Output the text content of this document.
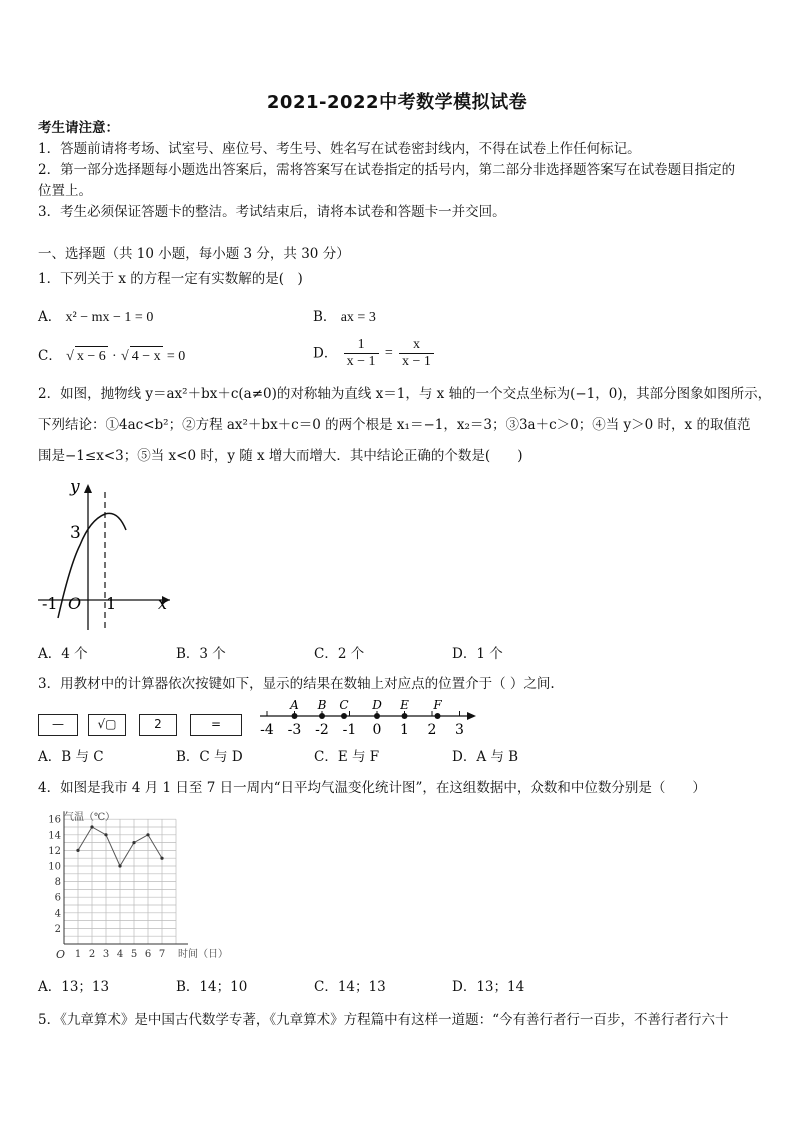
2021-2022中考数学模拟试卷
考生请注意：
1．答题前请将考场、试室号、座位号、考生号、姓名写在试卷密封线内，不得在试卷上作任何标记。
2．第一部分选择题每小题选出答案后，需将答案写在试卷指定的括号内，第二部分非选择题答案写在试卷题目指定的
位置上。
3．考生必须保证答题卡的整洁。考试结束后，请将本试卷和答题卡一并交回。
一、选择题（共 10 小题，每小题 3 分，共 30 分）
1．下列关于 x 的方程一定有实数解的是(　)
A． x² − mx − 1 = 0	B． ax = 3
C． √ x − 6 · √ 4 − x = 0	D． $\frac{1}{x - 1} = \frac{x}{x - 1}$
2．如图，抛物线 y＝ax²＋bx＋c(a≠0)的对称轴为直线 x＝1，与 x 轴的一个交点坐标为(−1，0)，其部分图象如图所示，
下列结论：①4ac<b²；②方程 ax²＋bx＋c＝0 的两个根是 x₁＝−1，x₂＝3；③3a＋c＞0；④当 y＞0 时，x 的取值范
围是−1≤x<3；⑤当 x<0 时，y 随 x 增大而增大．其中结论正确的个数是(　　)
y
x
3
-1 O 1
A．4 个	B．3 个	C．2 个	D．1 个
3．用教材中的计算器依次按键如下，显示的结果在数轴上对应点的位置介于（ ）之间.
—	√▢	2	=	-4 -3 -2 -1 0 1 2 3
A B C D E F
A．B 与 C	B．C 与 D	C．E 与 F	D．A 与 B
4．如图是我市 4 月 1 日至 7 日一周内“日平均气温变化统计图”，在这组数据中，众数和中位数分别是（　　）
2
4
6
8
10
12
14
16
1 2 3 4 5 6 7
O
气温（℃）
时间（日）
A．13；13	B．14；10	C．14；13	D．13；14
5．《九章算术》是中国古代数学专著，《九章算术》方程篇中有这样一道题：“今有善行者行一百步，不善行者行六十
